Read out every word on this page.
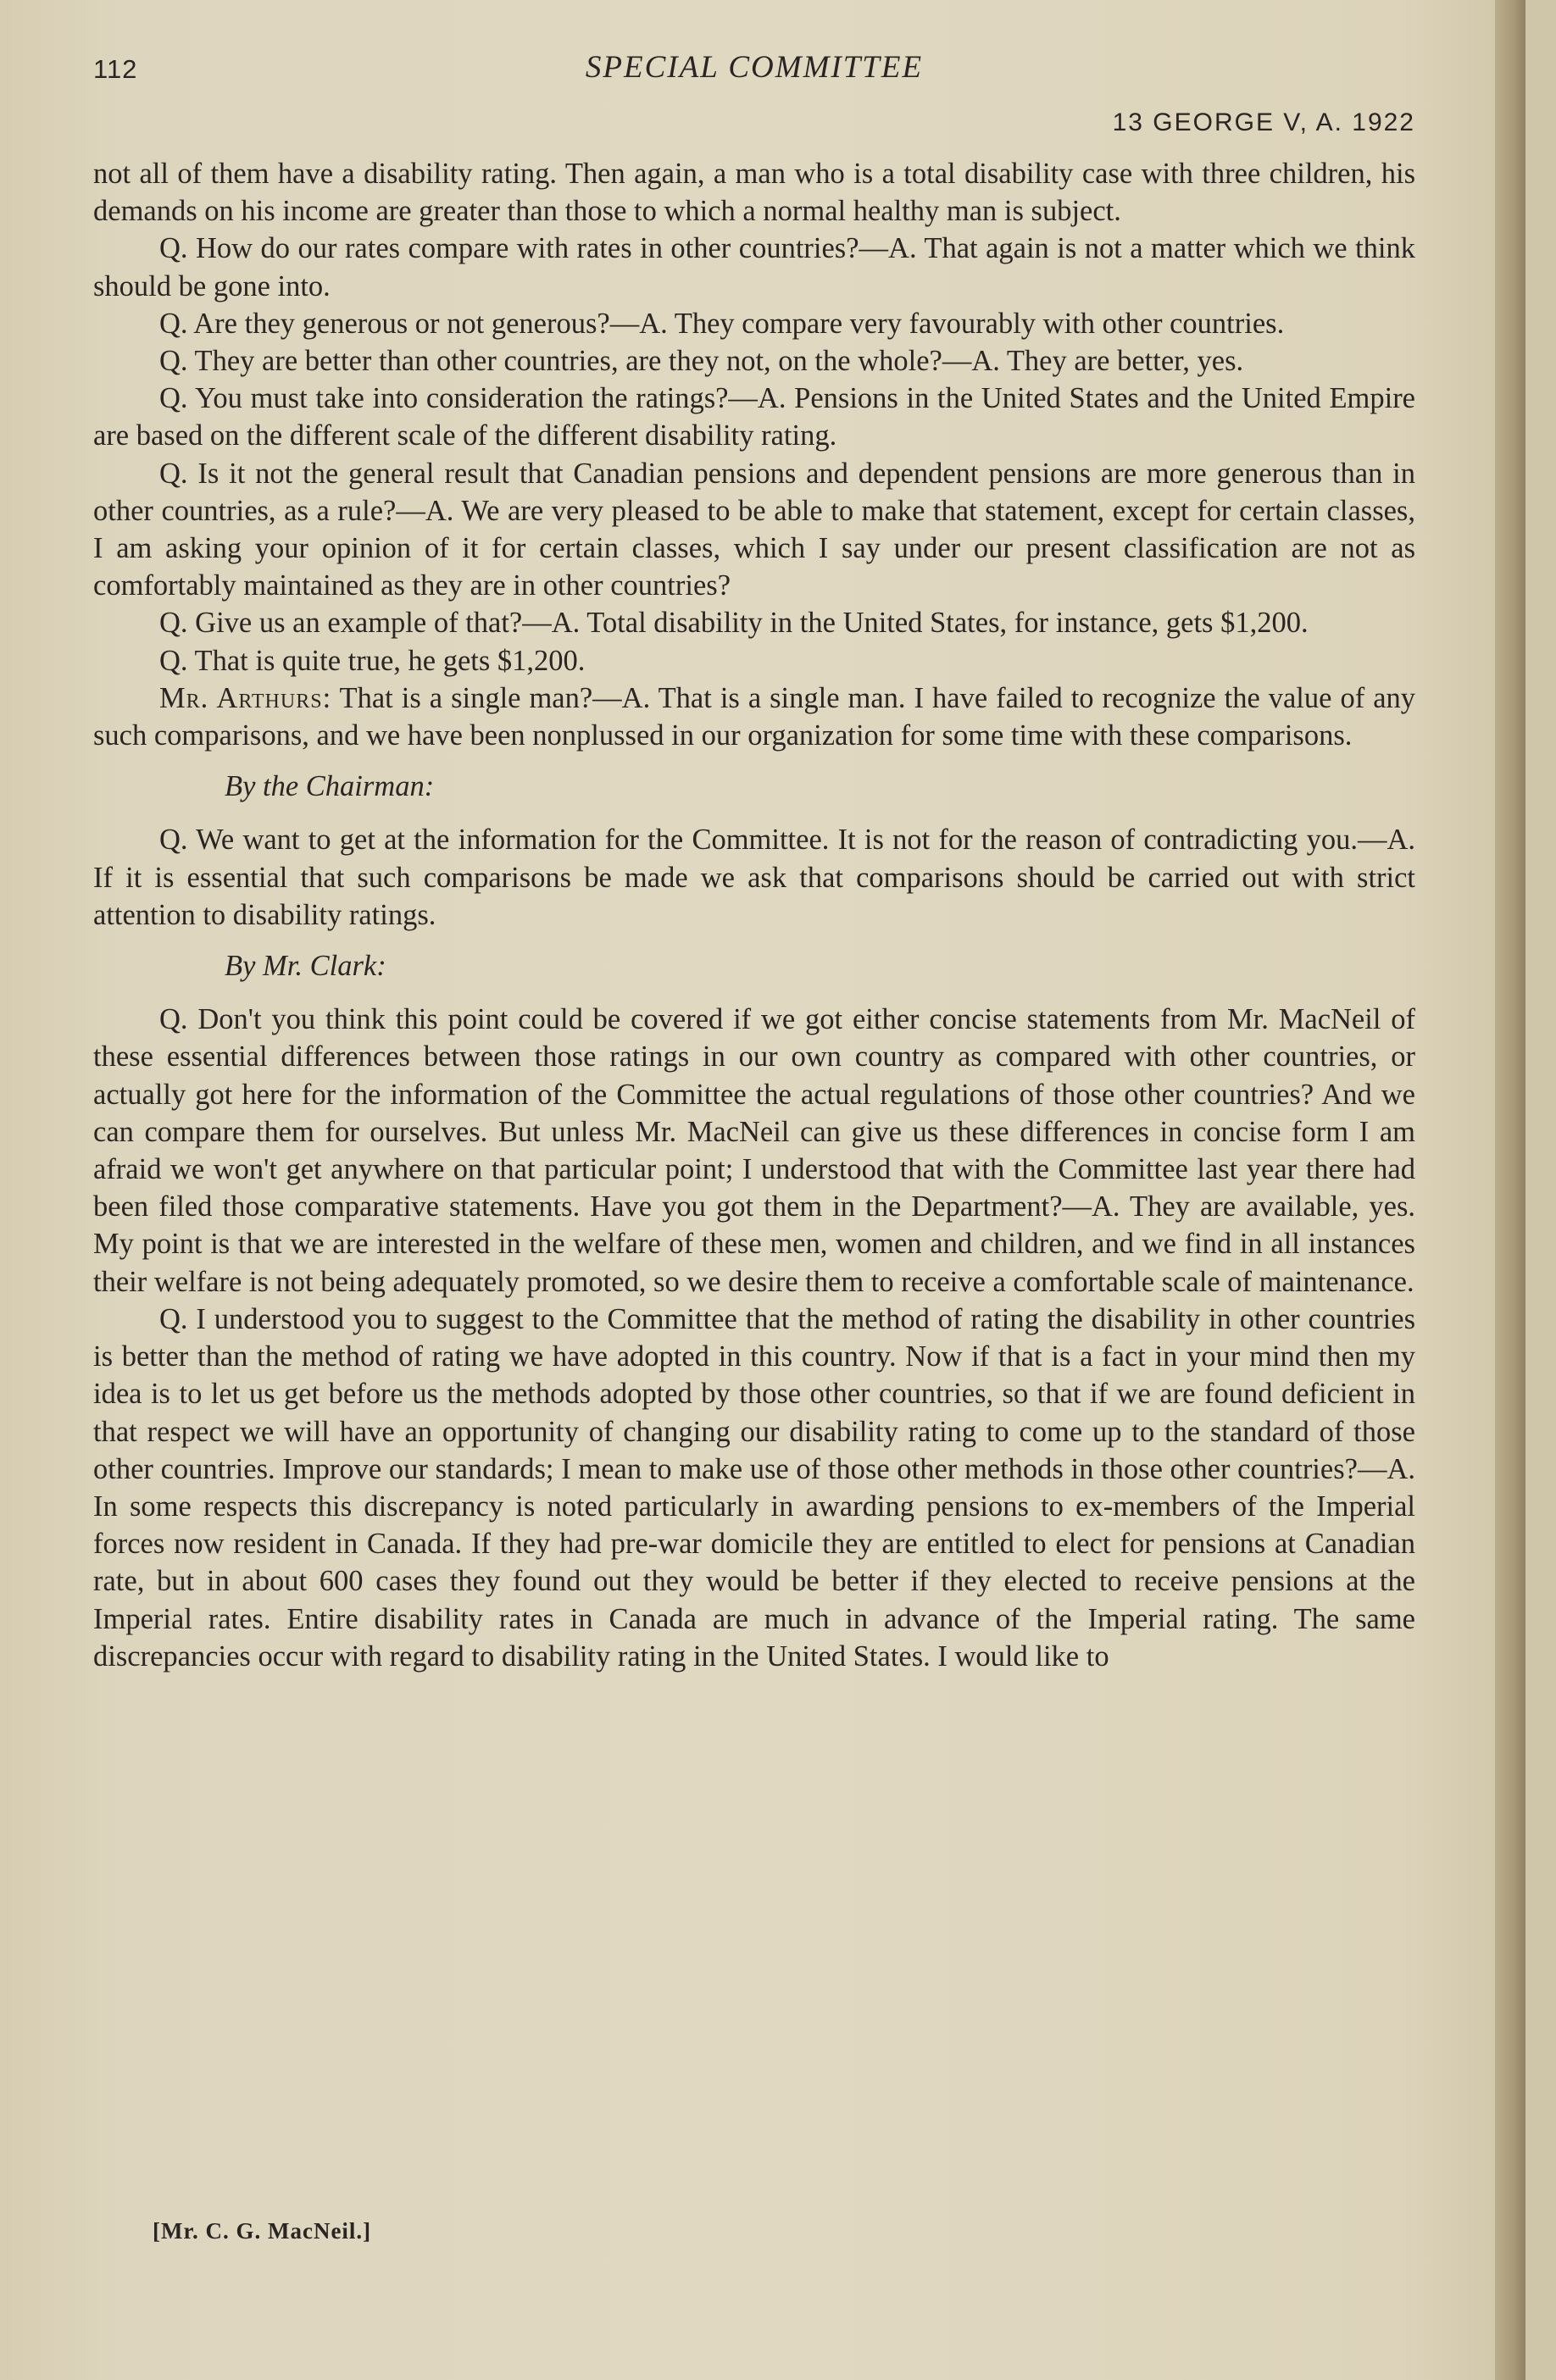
112	SPECIAL COMMITTEE
13 GEORGE V, A. 1922

not all of them have a disability rating. Then again, a man who is a total disability case with three children, his demands on his income are greater than those to which a normal healthy man is subject.

Q. How do our rates compare with rates in other countries?—A. That again is not a matter which we think should be gone into.

Q. Are they generous or not generous?—A. They compare very favourably with other countries.

Q. They are better than other countries, are they not, on the whole?—A. They are better, yes.

Q. You must take into consideration the ratings?—A. Pensions in the United States and the United Empire are based on the different scale of the different disability rating.

Q. Is it not the general result that Canadian pensions and dependent pensions are more generous than in other countries, as a rule?—A. We are very pleased to be able to make that statement, except for certain classes, I am asking your opinion of it for certain classes, which I say under our present classification are not as comfortably maintained as they are in other countries?

Q. Give us an example of that?—A. Total disability in the United States, for instance, gets $1,200.

Q. That is quite true, he gets $1,200.

Mr. Arthurs: That is a single man?—A. That is a single man. I have failed to recognize the value of any such comparisons, and we have been nonplussed in our organization for some time with these comparisons.

By the Chairman:

Q. We want to get at the information for the Committee. It is not for the reason of contradicting you.—A. If it is essential that such comparisons be made we ask that comparisons should be carried out with strict attention to disability ratings.

By Mr. Clark:

Q. Don't you think this point could be covered if we got either concise statements from Mr. MacNeil of these essential differences between those ratings in our own country as compared with other countries, or actually got here for the information of the Committee the actual regulations of those other countries? And we can compare them for ourselves. But unless Mr. MacNeil can give us these differences in concise form I am afraid we won't get anywhere on that particular point; I understood that with the Committee last year there had been filed those comparative statements. Have you got them in the Department?—A. They are available, yes. My point is that we are interested in the welfare of these men, women and children, and we find in all instances their welfare is not being adequately promoted, so we desire them to receive a comfortable scale of maintenance.

Q. I understood you to suggest to the Committee that the method of rating the disability in other countries is better than the method of rating we have adopted in this country. Now if that is a fact in your mind then my idea is to let us get before us the methods adopted by those other countries, so that if we are found deficient in that respect we will have an opportunity of changing our disability rating to come up to the standard of those other countries. Improve our standards; I mean to make use of those other methods in those other countries?—A. In some respects this discrepancy is noted particularly in awarding pensions to ex-members of the Imperial forces now resident in Canada. If they had pre-war domicile they are entitled to elect for pensions at Canadian rate, but in about 600 cases they found out they would be better if they elected to receive pensions at the Imperial rates. Entire disability rates in Canada are much in advance of the Imperial rating. The same discrepancies occur with regard to disability rating in the United States. I would like to

[Mr. C. G. MacNeil.]
